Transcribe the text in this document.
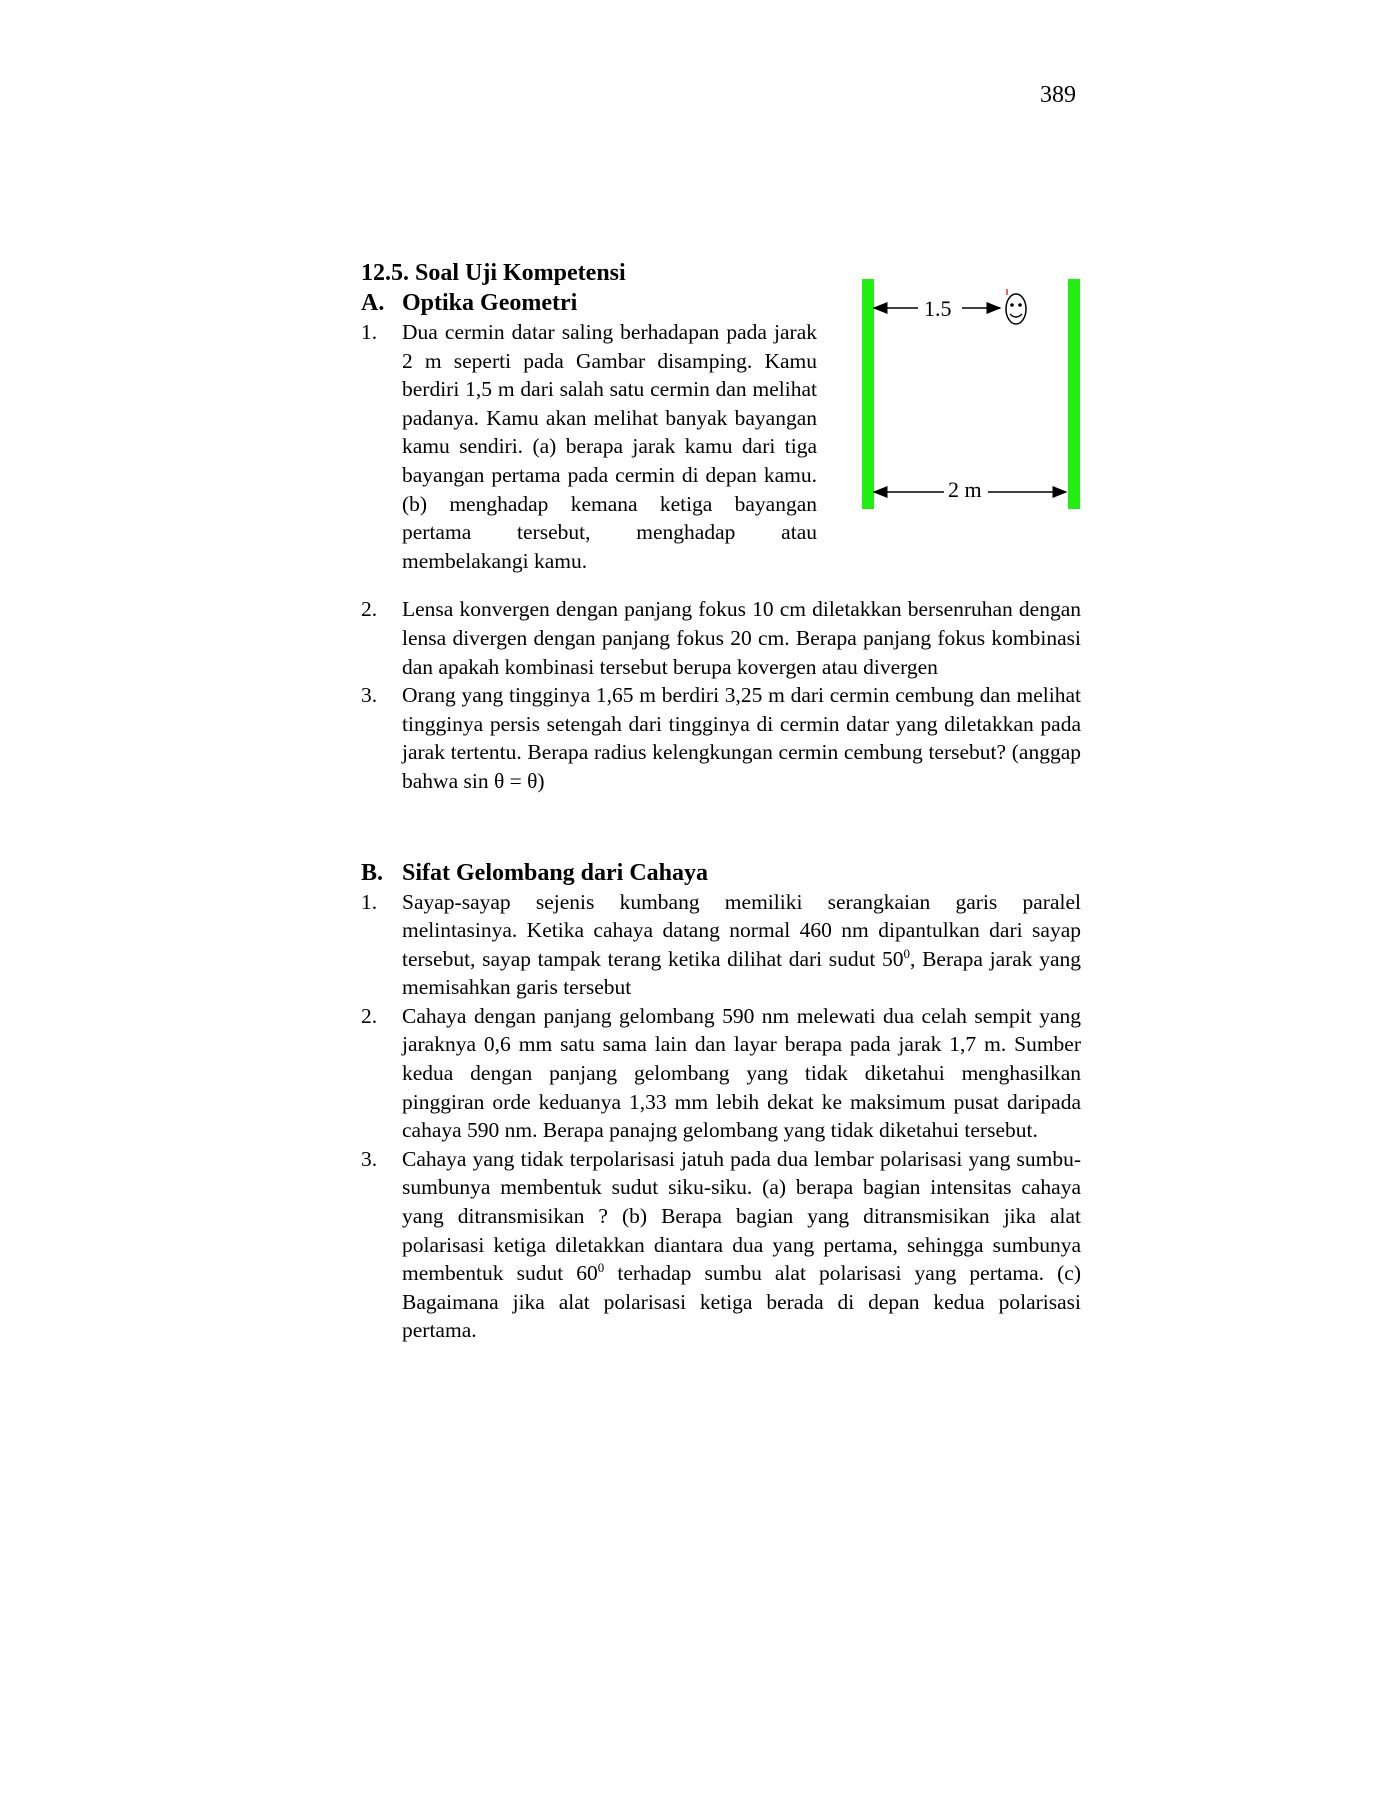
389
12.5. Soal Uji Kompetensi
A. Optika Geometri
1.	Dua cermin datar saling berhadapan pada jarak 2 m seperti pada Gambar disamping. Kamu berdiri 1,5 m dari salah satu cermin dan melihat padanya. Kamu akan melihat banyak bayangan kamu sendiri. (a) berapa jarak kamu dari tiga bayangan pertama pada cermin di depan kamu. (b) menghadap kemana ketiga bayangan pertama tersebut, menghadap atau membelakangi kamu.
2.	Lensa konvergen dengan panjang fokus 10 cm diletakkan bersenruhan dengan lensa divergen dengan panjang fokus 20 cm. Berapa panjang fokus kombinasi dan apakah kombinasi tersebut berupa kovergen atau divergen
3.	Orang yang tingginya 1,65 m berdiri 3,25 m dari cermin cembung dan melihat tingginya persis setengah dari tingginya di cermin datar yang diletakkan pada jarak tertentu. Berapa radius kelengkungan cermin cembung tersebut? (anggap bahwa sin θ = θ)
B. Sifat Gelombang dari Cahaya
1.	Sayap-sayap sejenis kumbang memiliki serangkaian garis paralel melintasinya. Ketika cahaya datang normal 460 nm dipantulkan dari sayap tersebut, sayap tampak terang ketika dilihat dari sudut $50^0$, Berapa jarak yang memisahkan garis tersebut
2.	Cahaya dengan panjang gelombang 590 nm melewati dua celah sempit yang jaraknya 0,6 mm satu sama lain dan layar berapa pada jarak 1,7 m. Sumber kedua dengan panjang gelombang yang tidak diketahui menghasilkan pinggiran orde keduanya 1,33 mm lebih dekat ke maksimum pusat daripada cahaya 590 nm. Berapa panajng gelombang yang tidak diketahui tersebut.
3.	Cahaya yang tidak terpolarisasi jatuh pada dua lembar polarisasi yang sumbu-sumbunya membentuk sudut siku-siku. (a) berapa bagian intensitas cahaya yang ditransmisikan ? (b) Berapa bagian yang ditransmisikan jika alat polarisasi ketiga diletakkan diantara dua yang pertama, sehingga sumbunya membentuk sudut $60^0$ terhadap sumbu alat polarisasi yang pertama. (c) Bagaimana jika alat polarisasi ketiga berada di depan kedua polarisasi pertama.
1.5
2 m
